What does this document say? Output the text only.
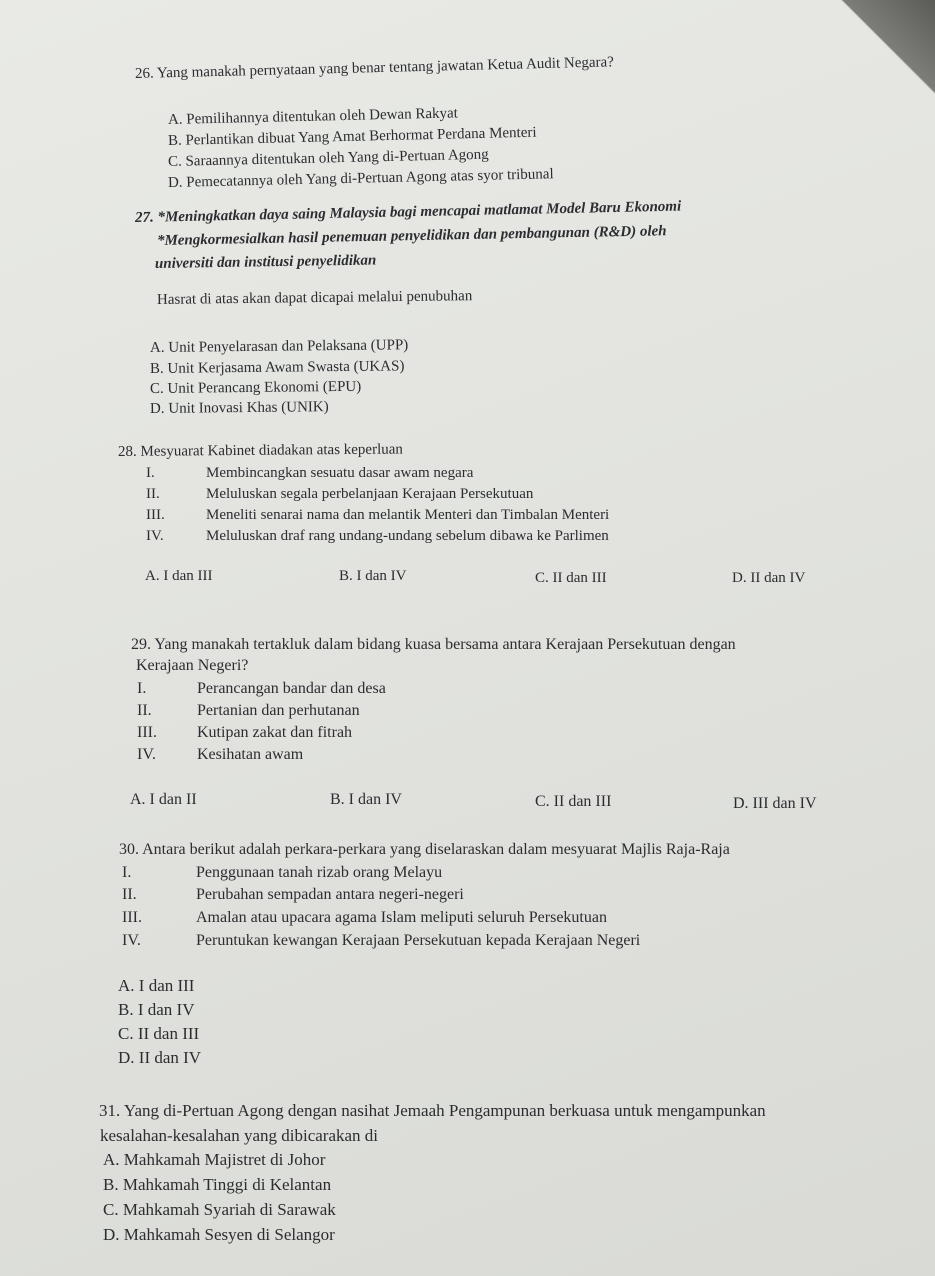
26. Yang manakah pernyataan yang benar tentang jawatan Ketua Audit Negara?
A. Pemilihannya ditentukan oleh Dewan Rakyat
B. Perlantikan dibuat Yang Amat Berhormat Perdana Menteri
C. Saraannya ditentukan oleh Yang di-Pertuan Agong
D. Pemecatannya oleh Yang di-Pertuan Agong atas syor tribunal
27. *Meningkatkan daya saing Malaysia bagi mencapai matlamat Model Baru Ekonomi
*Mengkormesialkan hasil penemuan penyelidikan dan pembangunan (R&D) oleh
universiti dan institusi penyelidikan
Hasrat di atas akan dapat dicapai melalui penubuhan
A. Unit Penyelarasan dan Pelaksana (UPP)
B. Unit Kerjasama Awam Swasta (UKAS)
C. Unit Perancang Ekonomi (EPU)
D. Unit Inovasi Khas (UNIK)
28. Mesyuarat Kabinet diadakan atas keperluan
I.	Membincangkan sesuatu dasar awam negara
II.	Meluluskan segala perbelanjaan Kerajaan Persekutuan
III.	Meneliti senarai nama dan melantik Menteri dan Timbalan Menteri
IV.	Meluluskan draf rang undang-undang sebelum dibawa ke Parlimen
A. I dan III	B. I dan IV	C. II dan III	D. II dan IV
29. Yang manakah tertakluk dalam bidang kuasa bersama antara Kerajaan Persekutuan dengan
Kerajaan Negeri?
I.	Perancangan bandar dan desa
II.	Pertanian dan perhutanan
III.	Kutipan zakat dan fitrah
IV.	Kesihatan awam
A. I dan II	B. I dan IV	C. II dan III	D. III dan IV
30. Antara berikut adalah perkara-perkara yang diselaraskan dalam mesyuarat Majlis Raja-Raja
I.	Penggunaan tanah rizab orang Melayu
II.	Perubahan sempadan antara negeri-negeri
III.	Amalan atau upacara agama Islam meliputi seluruh Persekutuan
IV.	Peruntukan kewangan Kerajaan Persekutuan kepada Kerajaan Negeri
A. I dan III
B. I dan IV
C. II dan III
D. II dan IV
31. Yang di-Pertuan Agong dengan nasihat Jemaah Pengampunan berkuasa untuk mengampunkan
kesalahan-kesalahan yang dibicarakan di
A. Mahkamah Majistret di Johor
B. Mahkamah Tinggi di Kelantan
C. Mahkamah Syariah di Sarawak
D. Mahkamah Sesyen di Selangor
